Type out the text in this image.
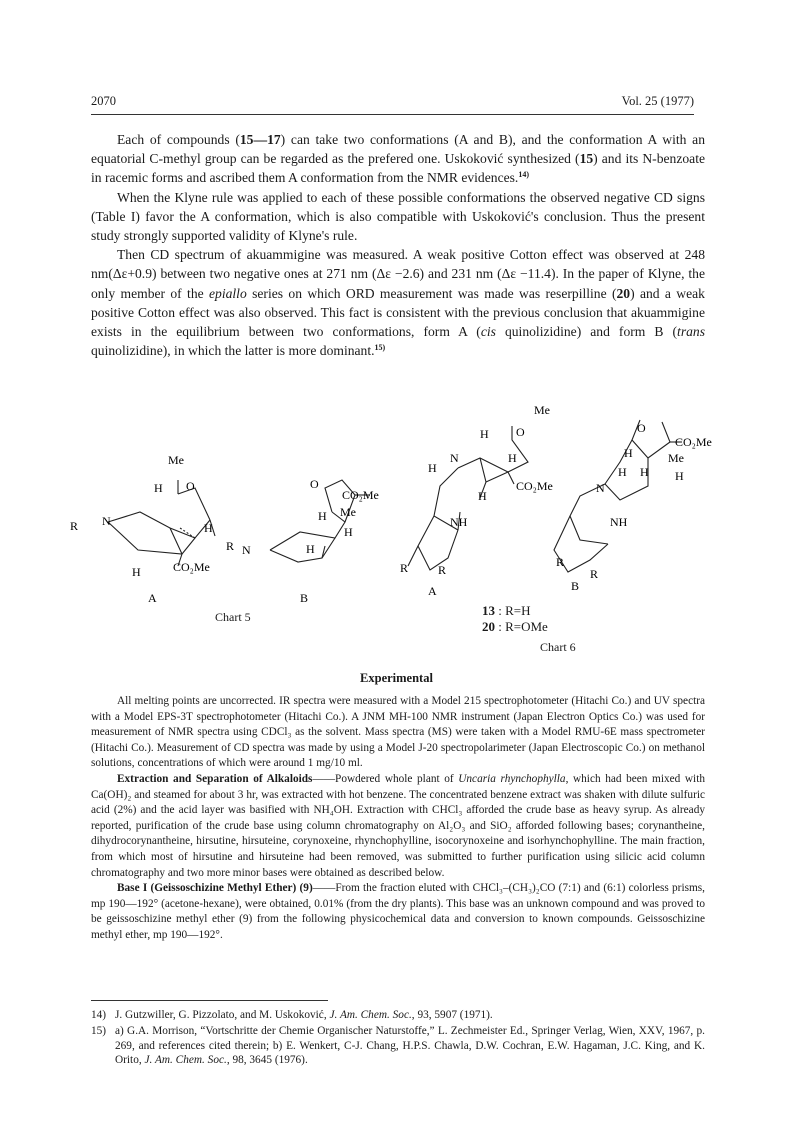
2070	Vol. 25 (1977)

Each of compounds (15—17) can take two conformations (A and B), and the conformation A with an equatorial C-methyl group can be regarded as the prefered one. Uskoković synthesized (15) and its N-benzoate in racemic forms and ascribed them A conformation from the NMR evidences.$^{14)}$

When the Klyne rule was applied to each of these possible conformations the observed negative CD signs (Table I) favor the A conformation, which is also compatible with Uskoković's conclusion. Thus the present study strongly supported validity of Klyne's rule.

Then CD spectrum of akuammigine was measured. A weak positive Cotton effect was observed at 248 nm(Δε+0.9) between two negative ones at 271 nm (Δε −2.6) and 231 nm (Δε −11.4). In the paper of Klyne, the only member of the epiallo series on which ORD measurement was made was reserpilline (20) and a weak positive Cotton effect was also observed. This fact is consistent with the previous conclusion that akuammigine exists in the equilibrium between two conformations, form A (cis quinolizidine) and form B (trans quinolizidine), in which the latter is more dominant.$^{15)}$

Me
H O
R N	H
H	CO₂Me
A
O
CO₂Me
H Me
H
R N	H
B
Chart 5
Me
H O
H
N	H
CO₂Me
H
NH
R R
A
O
CO₂Me
H	Me
H H H
N
NH
R
R
B
13 : R=H
20 : R=OMe
Chart 6
Experimental

All melting points are uncorrected. IR spectra were measured with a Model 215 spectrophotometer (Hitachi Co.) and UV spectra with a Model EPS-3T spectrophotometer (Hitachi Co.). A JNM MH-100 NMR instrument (Japan Electron Optics Co.) was used for measurement of NMR spectra using CDCl₃ as the solvent. Mass spectra (MS) were taken with a Model RMU-6E mass spectrometer (Hitachi Co.). Measurement of CD spectra was made by using a Model J-20 spectropolarimeter (Japan Electroscopic Co.) on methanol solutions, concentrations of which were around 1 mg/10 ml.

Extraction and Separation of Alkaloids——Powdered whole plant of Uncaria rhynchophylla, which had been mixed with Ca(OH)₂ and steamed for about 3 hr, was extracted with hot benzene. The concentrated benzene extract was shaken with dilute sulfuric acid (2%) and the acid layer was basified with NH₄OH. Extraction with CHCl₃ afforded the crude base as heavy syrup. As already reported, purification of the crude base using column chromatography on Al₂O₃ and SiO₂ afforded following bases; corynantheine, dihydrocorynantheine, hirsutine, hirsuteine, corynoxeine, rhynchophylline, isocorynoxeine and isorhynchophylline. The main fraction, from which most of hirsutine and hirsuteine had been removed, was submitted to further purification using silicic acid column chromatography and two more minor bases were obtained as described below.

Base I (Geissoschizine Methyl Ether) (9)——From the fraction eluted with CHCl₃–(CH₃)₂CO (7:1) and (6:1) colorless prisms, mp 190—192° (acetone-hexane), were obtained, 0.01% (from the dry plants). This base was an unknown compound and was proved to be geissoschizine methyl ether (9) from the following physicochemical data and conversion to known compounds. Geissoschizine methyl ether, mp 190—192°.

14) J. Gutzwiller, G. Pizzolato, and M. Uskoković, J. Am. Chem. Soc., 93, 5907 (1971).
15) a) G.A. Morrison, “Vortschritte der Chemie Organischer Naturstoffe,” L. Zechmeister Ed., Springer Verlag, Wien, XXV, 1967, p. 269, and references cited therein; b) E. Wenkert, C-J. Chang, H.P.S. Chawla, D.W. Cochran, E.W. Hagaman, J.C. King, and K. Orito, J. Am. Chem. Soc., 98, 3645 (1976).
